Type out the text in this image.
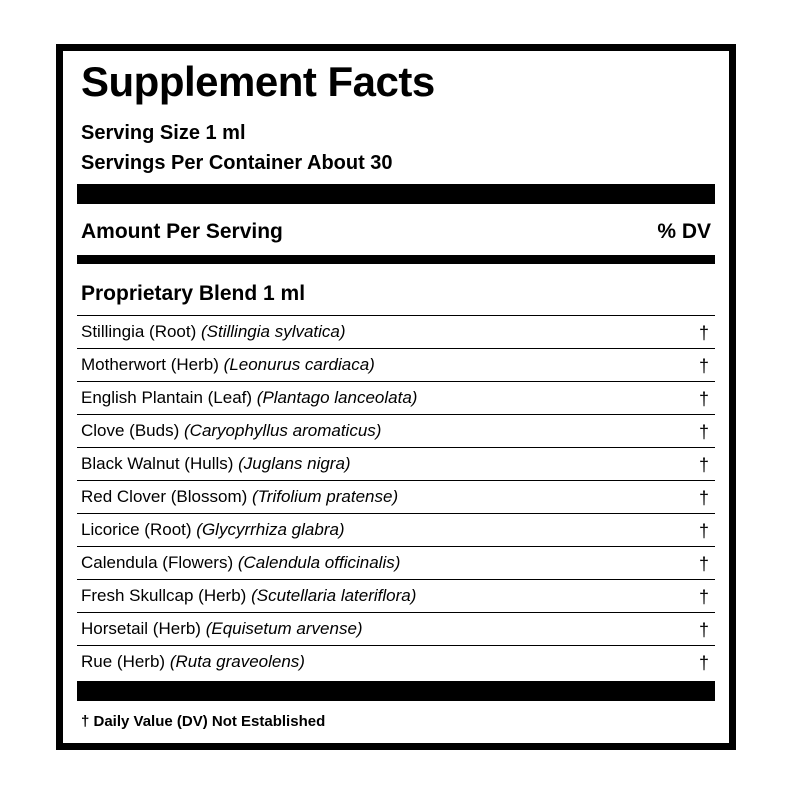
Supplement Facts
Serving Size 1 ml
Servings Per Container About 30
Amount Per Serving	% DV
Proprietary Blend 1 ml
Stillingia (Root) (Stillingia sylvatica)	†
Motherwort (Herb) (Leonurus cardiaca)	†
English Plantain (Leaf) (Plantago lanceolata)	†
Clove (Buds) (Caryophyllus aromaticus)	†
Black Walnut (Hulls) (Juglans nigra)	†
Red Clover (Blossom) (Trifolium pratense)	†
Licorice (Root) (Glycyrrhiza glabra)	†
Calendula (Flowers) (Calendula officinalis)	†
Fresh Skullcap (Herb) (Scutellaria lateriflora)	†
Horsetail (Herb) (Equisetum arvense)	†
Rue (Herb) (Ruta graveolens)	†
† Daily Value (DV) Not Established
